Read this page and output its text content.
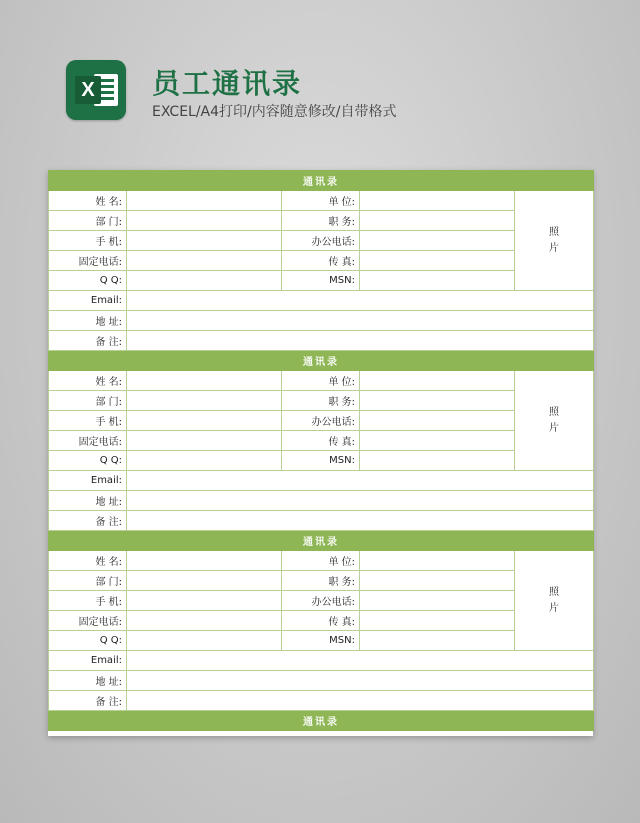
X 员工通讯录
EXCEL/A4打印/内容随意修改/自带格式
通讯录				
姓 名:		单 位:		照
片
部 门:		职 务:		
手 机:		办公电话:		
固定电话:		传 真:		
Q Q:		MSN:		
Email:				
地 址:				
备 注:				
通讯录				
姓 名:		单 位:		照
片
部 门:		职 务:		
手 机:		办公电话:		
固定电话:		传 真:		
Q Q:		MSN:		
Email:				
地 址:				
备 注:				
通讯录				
姓 名:		单 位:		照
片
部 门:		职 务:		
手 机:		办公电话:		
固定电话:		传 真:		
Q Q:		MSN:		
Email:				
地 址:				
备 注:				
通讯录				
